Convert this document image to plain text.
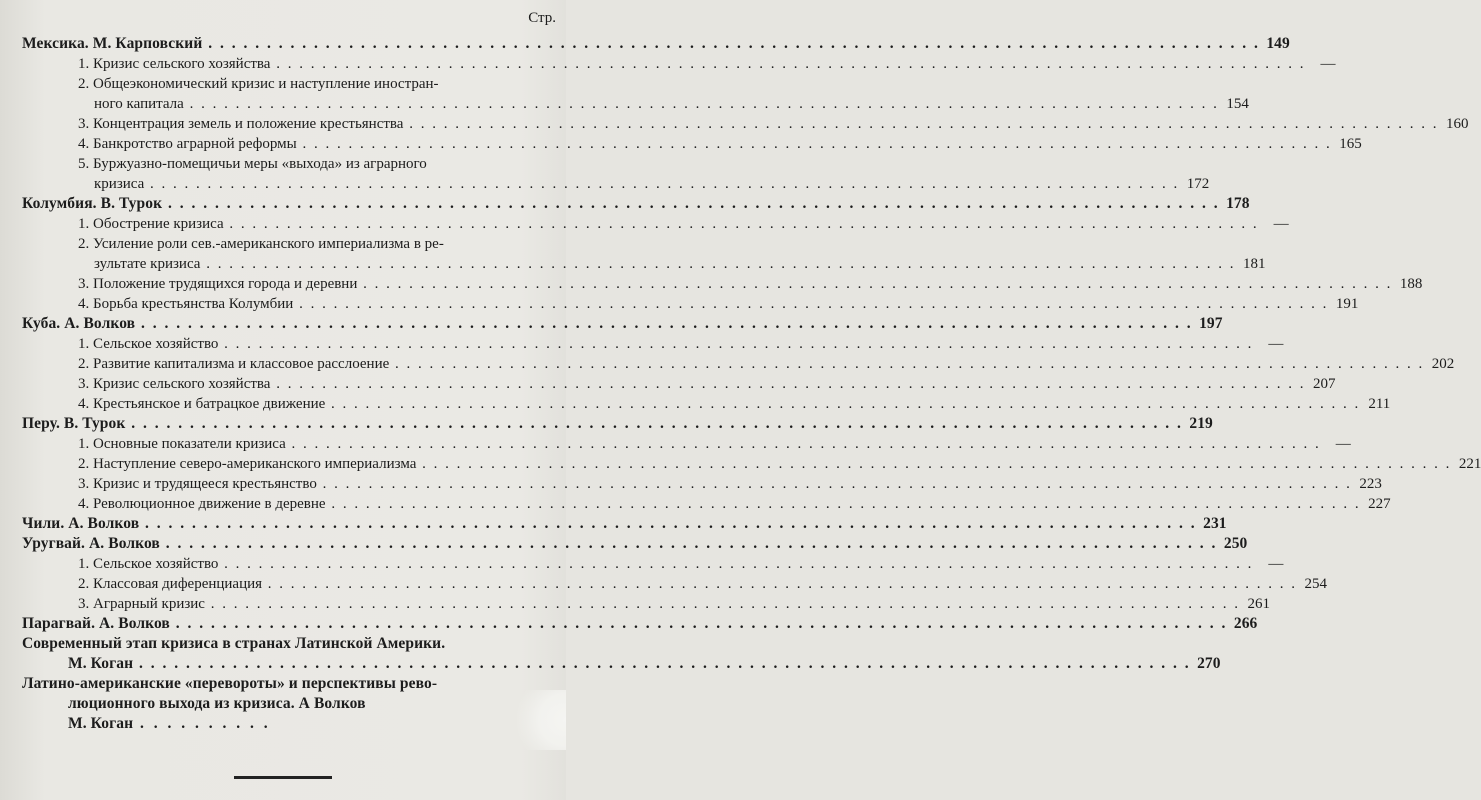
Стр.
Мексика. М. Карповский . . .	149
1. Кризис сельского хозяйства . . .	—
2. Общеэкономический кризис и наступление иностран-
ного капитала . . .	154
3. Концентрация земель и положение крестьянства . . .	160
4. Банкротство аграрной реформы . . .	165
5. Буржуазно-помещичьи меры «выхода» из аграрного
кризиса . . .	172
Колумбия. В. Турок . . .	178
1. Обострение кризиса . . .	—
2. Усиление роли сев.-американского империализма в ре-
зультате кризиса . . .	181
3. Положение трудящихся города и деревни . . .	188
4. Борьба крестьянства Колумбии . . .	191
Куба. А. Волков . . .	197
1. Сельское хозяйство . . .	—
2. Развитие капитализма и классовое расслоение . . .	202
3. Кризис сельского хозяйства . . .	207
4. Крестьянское и батрацкое движение . . .	211
Перу. В. Турок . . .	219
1. Основные показатели кризиса . . .	—
2. Наступление северо-американского империализма . . .	221
3. Кризис и трудящееся крестьянство . . .	223
4. Революционное движение в деревне . . .	227
Чили. А. Волков . . .	231
Уругвай. А. Волков . . .	250
1. Сельское хозяйство . . .	—
2. Классовая диференциация . . .	254
3. Аграрный кризис . . .	261
Парагвай. А. Волков . . .	266
Современный этап кризиса в странах Латинской Америки.
М. Коган . . .	270
Латино-американские «перевороты» и перспективы рево-
люционного выхода из кризиса. А Волков
М. Коган . . . . . . . . . .
